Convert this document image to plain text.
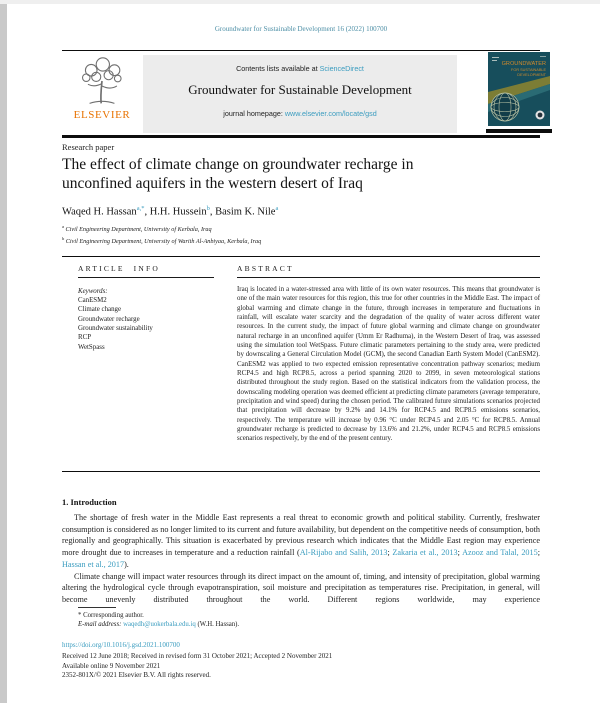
Groundwater for Sustainable Development 16 (2022) 100700
ELSEVIER
Contents lists available at ScienceDirect
Groundwater for Sustainable Development
journal homepage: www.elsevier.com/locate/gsd
GROUNDWATER
FOR SUSTAINABLE
DEVELOPMENT
Research paper
The effect of climate change on groundwater recharge in
unconfined aquifers in the western desert of Iraq
Waqed H. Hassan$^{a,*}$, H.H. Hussein$^b$, Basim K. Nile$^a$
$^a$ Civil Engineering Department, University of Kerbala, Iraq
$^b$ Civil Engineering Department, University of Warith Al-Anbiyaa, Kerbala, Iraq
ARTICLE INFO
Keywords:
CanESM2
Climate change
Groundwater recharge
Groundwater sustainability
RCP
WetSpass
ABSTRACT
Iraq is located in a water-stressed area with little of its own water resources. This means that groundwater is one of the main water resources for this region, this true for other countries in the Middle East. The impact of global warming and climate change in the future, through increases in temperature and fluctuations in rainfall, will escalate water scarcity and the degradation of the quality of water across different water resources. In the current study, the impact of future global warming and climate change on groundwater natural recharge in an unconfined aquifer (Umm Er Radhuma), in the Western Desert of Iraq, was assessed using the simulation tool WetSpass. Future climatic parameters pertaining to the study area, were predicted by downscaling a General Circulation Model (GCM), the second Canadian Earth System Model (CanESM2). CanESM2 was applied to two expected emission representative concentration pathway scenarios; medium RCP4.5 and high RCP8.5, across a period spanning 2020 to 2099, in seven meteorological stations distributed throughout the study region. Based on the statistical indicators from the validation process, the downscaling modeling operation was deemed efficient at predicting climate parameters (average temperature, precipitation and wind speed) during the chosen period. The calibrated future simulations scenarios projected that precipitation will decrease by 9.2% and 14.1% for RCP4.5 and RCP8.5 emissions scenarios, respectively. The temperature will increase by 0.96 °C under RCP4.5 and 2.05 °C for RCP8.5. Annual groundwater recharge is predicted to decrease by 13.6% and 21.2%, under RCP4.5 and RCP8.5 emissions scenarios respectively, by the end of the present century.
1. Introduction

The shortage of fresh water in the Middle East represents a real threat to economic growth and political stability. Currently, freshwater consumption is considered as no longer limited to its current and future availability, but dependent on the competitive needs of consumption, both regionally and geographically. This situation is exacerbated by previous research which indicates that the Middle East region may experience more drought due to increases in temperature and a reduction rainfall (Al-Rijabo and Salih, 2013; Zakaria et al., 2013; Azooz and Talal, 2015; Hassan et al., 2017).

Climate change will impact water resources through its direct impact on the amount of, timing, and intensity of precipitation, global warming altering the hydrological cycle through evapotranspiration, soil moisture and precipitation as temperatures rise. Precipitation, in general, will become unevenly distributed throughout the world. Different regions worldwide, may experience

* Corresponding author.
E-mail address: waqedh@uokerbala.edu.iq (W.H. Hassan).
https://doi.org/10.1016/j.gsd.2021.100700
Received 12 June 2018; Received in revised form 31 October 2021; Accepted 2 November 2021
Available online 9 November 2021
2352-801X/© 2021 Elsevier B.V. All rights reserved.
